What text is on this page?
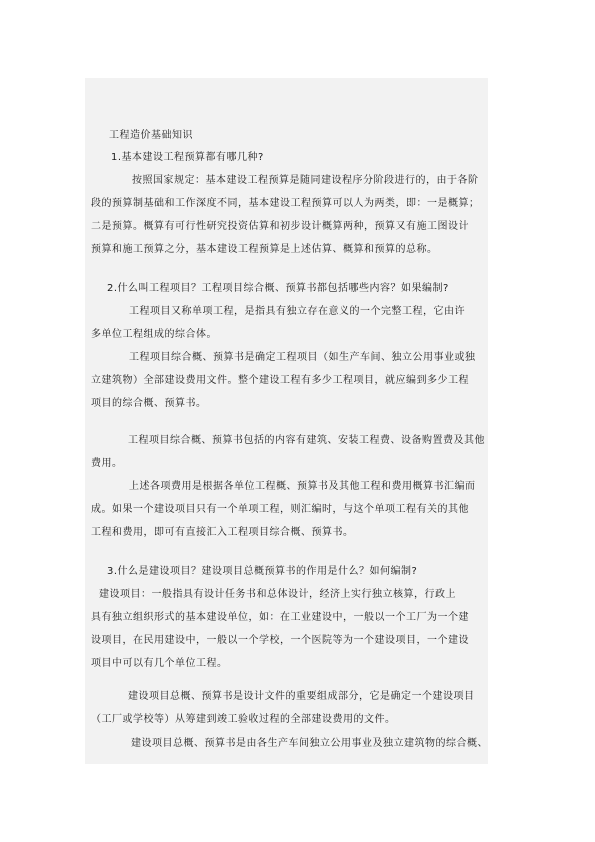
工程造价基础知识

1.基本建设工程预算都有哪几种?

按照国家规定：基本建设工程预算是随同建设程序分阶段进行的，由于各阶

段的预算制基础和工作深度不同，基本建设工程预算可以人为两类，即：一是概算；

二是预算。概算有可行性研究投资估算和初步设计概算两种，预算又有施工图设计

预算和施工预算之分，基本建设工程预算是上述估算、概算和预算的总称。

2.什么叫工程项目？工程项目综合概、预算书都包括哪些内容？如果编制?

工程项目又称单项工程，是指具有独立存在意义的一个完整工程，它由许

多单位工程组成的综合体。

工程项目综合概、预算书是确定工程项目（如生产车间、独立公用事业或独

立建筑物）全部建设费用文件。整个建设工程有多少工程项目，就应编到多少工程

项目的综合概、预算书。

工程项目综合概、预算书包括的内容有建筑、安装工程费、设备购置费及其他

费用。

上述各项费用是根据各单位工程概、预算书及其他工程和费用概算书汇编而

成。如果一个建设项目只有一个单项工程，则汇编时，与这个单项工程有关的其他

工程和费用，即可有直接汇入工程项目综合概、预算书。

3.什么是建设项目？建设项目总概预算书的作用是什么？如何编制?

建设项目：一般指具有设计任务书和总体设计，经济上实行独立核算，行政上

具有独立组织形式的基本建设单位，如：在工业建设中，一般以一个工厂为一个建

设项目，在民用建设中，一般以一个学校，一个医院等为一个建设项目，一个建设

项目中可以有几个单位工程。

建设项目总概、预算书是设计文件的重要组成部分，它是确定一个建设项目

（工厂或学校等）从筹建到竣工验收过程的全部建设费用的文件。

建设项目总概、预算书是由各生产车间独立公用事业及独立建筑物的综合概、
